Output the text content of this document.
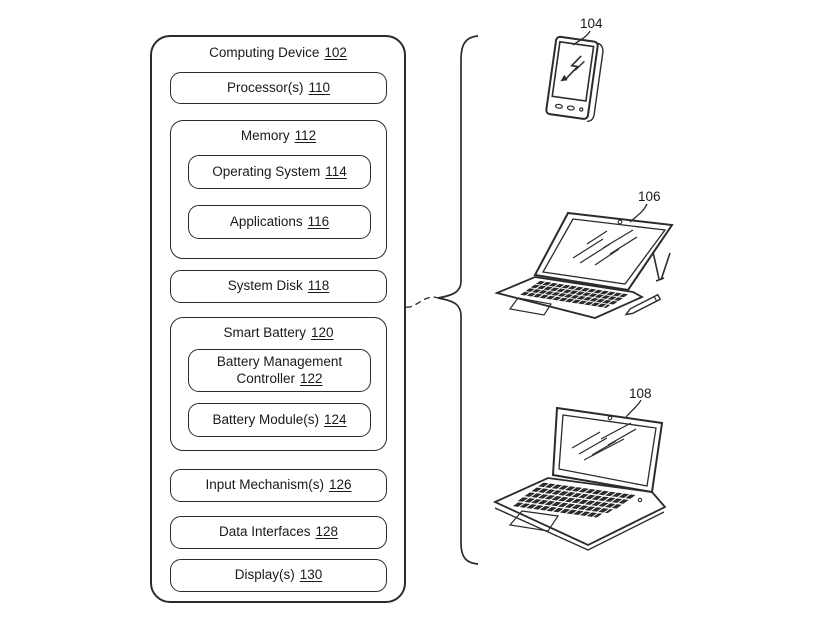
Computing Device 102
Processor(s) 110
Memory 112
Operating System 114
Applications 116
System Disk 118
Smart Battery 120
Battery Management
Controller 122
Battery Module(s) 124
Input Mechanism(s) 126
Data Interfaces 128
Display(s) 130
104
106
108
